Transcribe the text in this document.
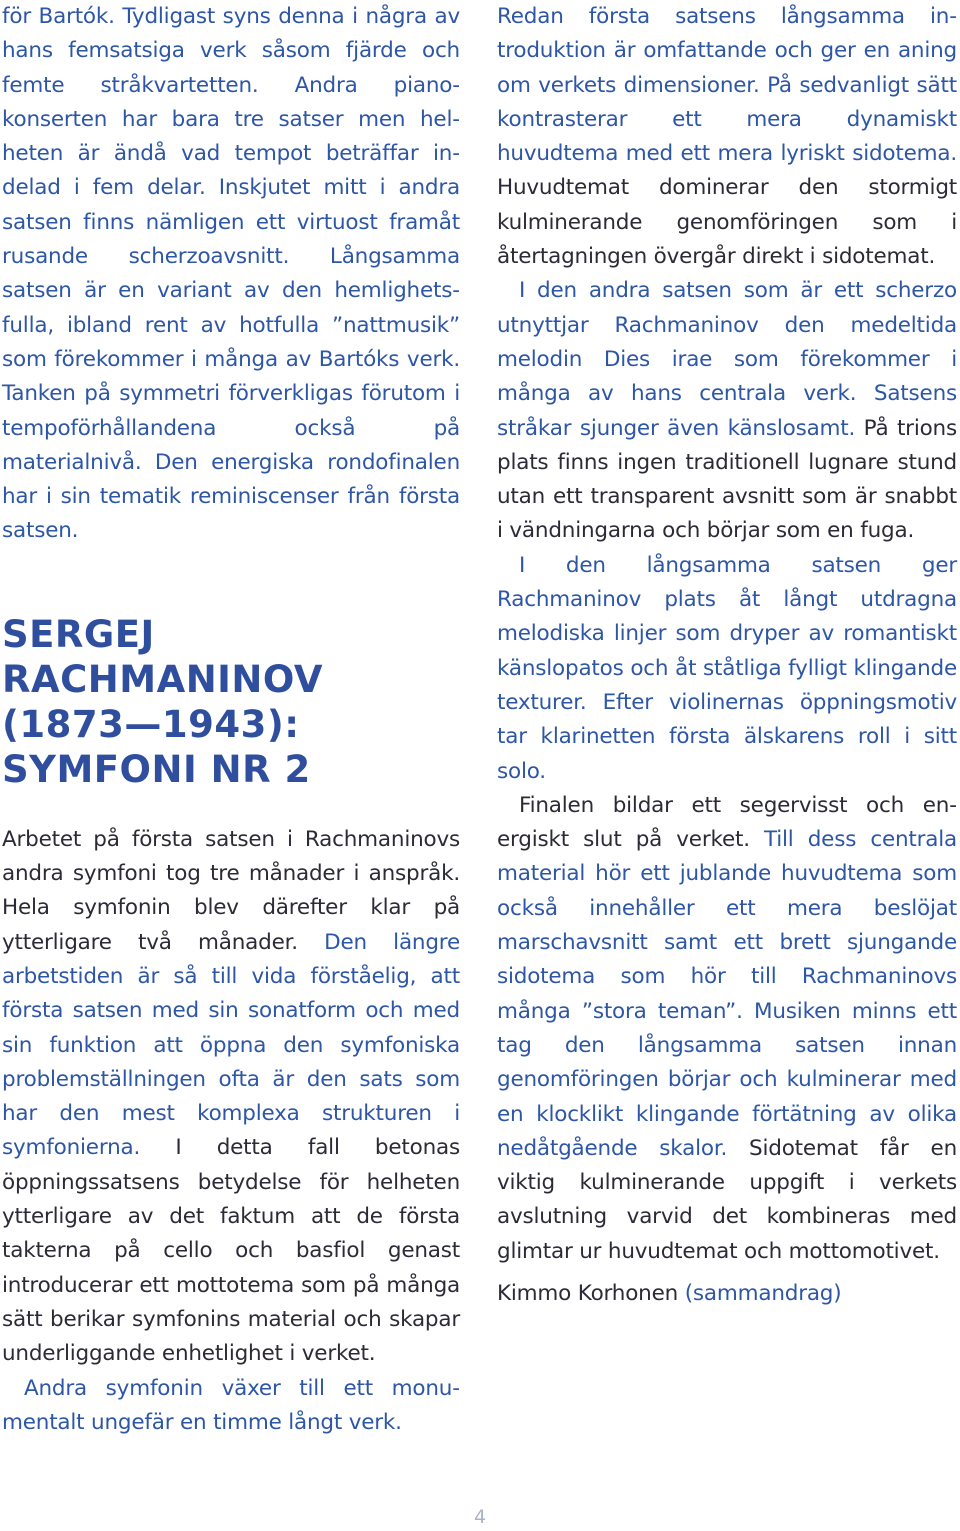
för Bartók. Tydligast syns denna i några av hans femsatsiga verk såsom fjärde och femte stråkvartetten. Andra pianokonserten har bara tre satser men helheten är ändå vad tempot beträffar indelad i fem delar. Inskjutet mitt i andra satsen finns nämligen ett virtuost framåt rusande scherzoavsnitt. Långsamma satsen är en variant av den hemlighetsfulla, ibland rent av hotfulla ”nattmusik” som förekommer i många av Bartóks verk. Tanken på symmetri förverkligas förutom i tempoförhållandena också på materialnivå. Den energiska rondofinalen har i sin tematik reminiscenser från första satsen.

SERGEJ RACHMANINOV
(1873—1943):
SYMFONI NR 2

Arbetet på första satsen i Rachmaninovs andra symfoni tog tre månader i anspråk. Hela symfonin blev därefter klar på ytterligare två månader. Den längre arbetstiden är så till vida förståelig, att första satsen med sin sonatform och med sin funktion att öppna den symfoniska problemställningen ofta är den sats som har den mest komplexa strukturen i symfonierna. I detta fall betonas öppningssatsens betydelse för helheten ytterligare av det faktum att de första takterna på cello och basfiol genast introducerar ett mottotema som på många sätt berikar symfonins material och skapar underliggande enhetlighet i verket.

Andra symfonin växer till ett monumentalt ungefär en timme långt verk.

Redan första satsens långsamma introduktion är omfattande och ger en aning om verkets dimensioner. På sedvanligt sätt kontrasterar ett mera dynamiskt huvudtema med ett mera lyriskt sidotema. Huvudtemat dominerar den stormigt kulminerande genomföringen som i återtagningen övergår direkt i sidotemat.

I den andra satsen som är ett scherzo utnyttjar Rachmaninov den medeltida melodin Dies irae som förekommer i många av hans centrala verk. Satsens stråkar sjunger även känslosamt. På trions plats finns ingen traditionell lugnare stund utan ett transparent avsnitt som är snabbt i vändningarna och börjar som en fuga.

I den långsamma satsen ger Rachmaninov plats åt långt utdragna melodiska linjer som dryper av romantiskt känslopatos och åt ståtliga fylligt klingande texturer. Efter violinernas öppningsmotiv tar klarinetten första älskarens roll i sitt solo.

Finalen bildar ett segervisst och energiskt slut på verket. Till dess centrala material hör ett jublande huvudtema som också innehåller ett mera beslöjat marschavsnitt samt ett brett sjungande sidotema som hör till Rachmaninovs många ”stora teman”. Musiken minns ett tag den långsamma satsen innan genomföringen börjar och kulminerar med en klocklikt klingande förtätning av olika nedåtgående skalor. Sidotemat får en viktig kulminerande uppgift i verkets avslutning varvid det kombineras med glimtar ur huvudtemat och mottomotivet.

Kimmo Korhonen (sammandrag)

4
